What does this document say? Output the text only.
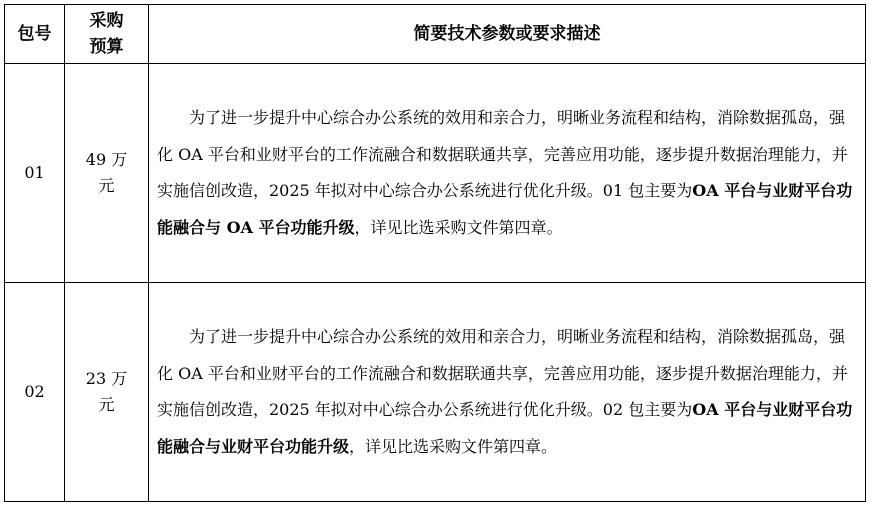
包号	采购预算	简要技术参数或要求描述
01	49 万元	为了进一步提升中心综合办公系统的效用和亲合力，明晰业务流程和结构，消除数据孤岛，强化 OA 平台和业财平台的工作流融合和数据联通共享，完善应用功能，逐步提升数据治理能力，并实施信创改造，2025 年拟对中心综合办公系统进行优化升级。01 包主要为OA 平台与业财平台功能融合与 OA 平台功能升级，详见比选采购文件第四章。
02	23 万元	为了进一步提升中心综合办公系统的效用和亲合力，明晰业务流程和结构，消除数据孤岛，强化 OA 平台和业财平台的工作流融合和数据联通共享，完善应用功能，逐步提升数据治理能力，并实施信创改造，2025 年拟对中心综合办公系统进行优化升级。02 包主要为OA 平台与业财平台功能融合与业财平台功能升级，详见比选采购文件第四章。
